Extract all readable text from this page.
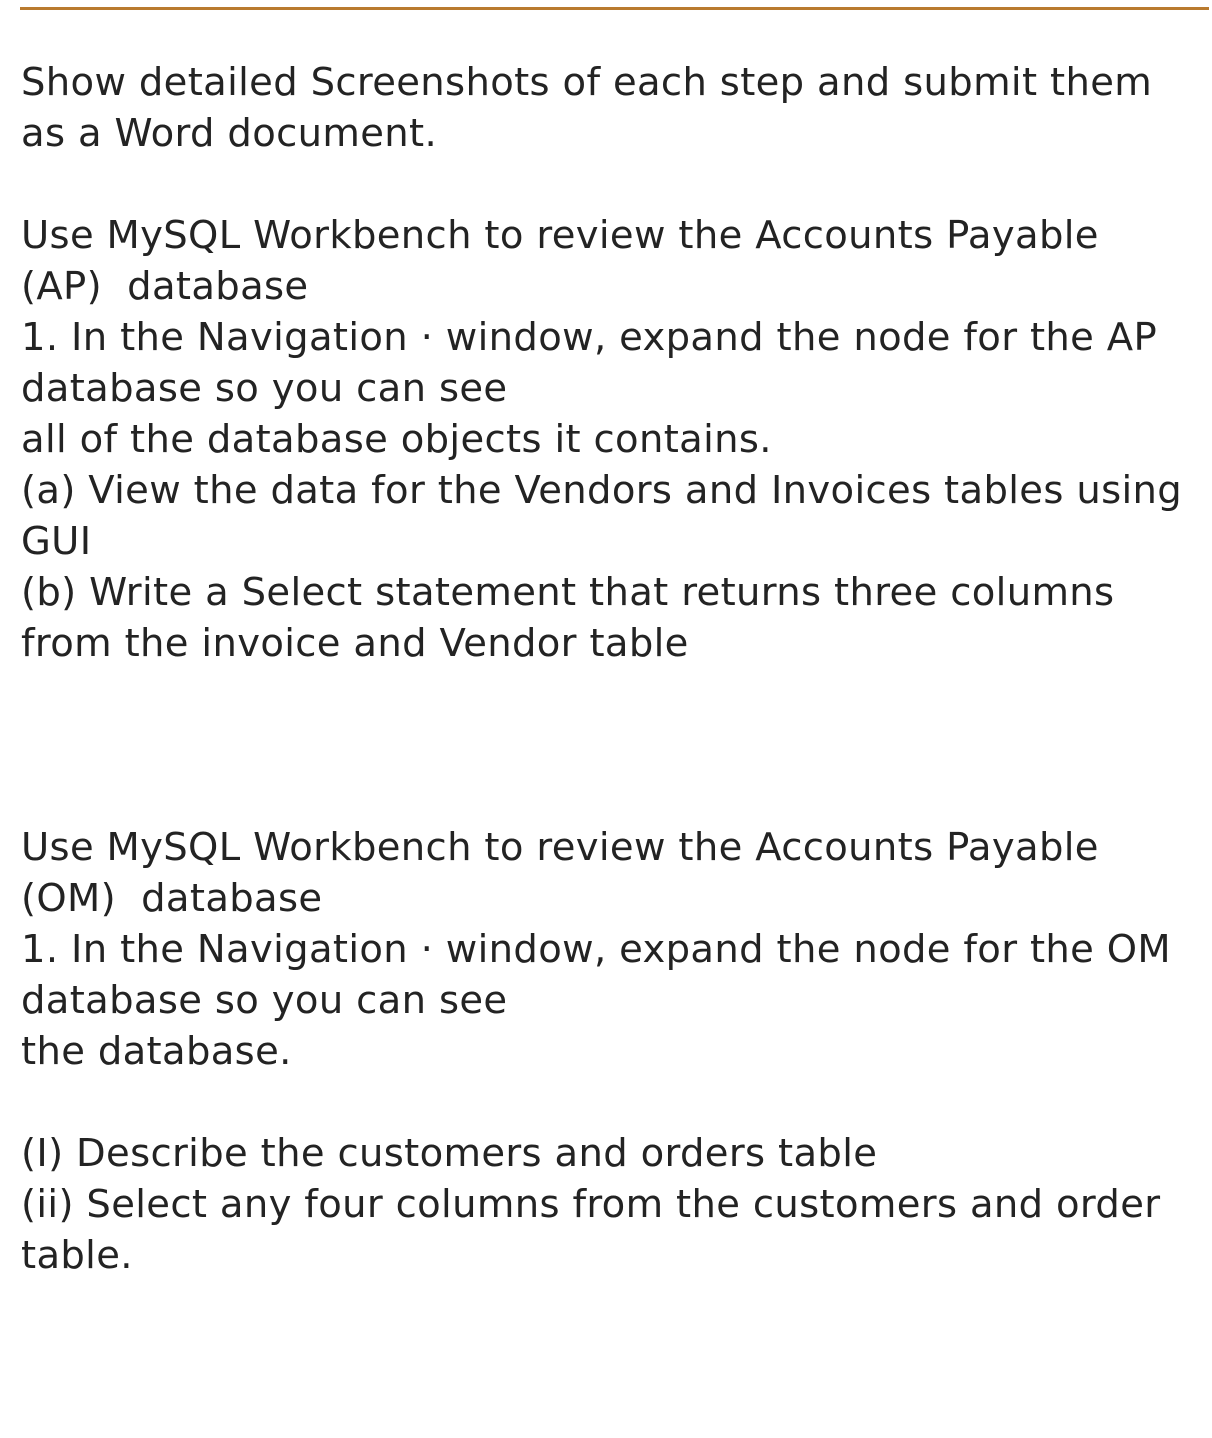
Show detailed Screenshots of each step and submit them
as a Word document.
Use MySQL Workbench to review the Accounts Payable
(AP)  database
1. In the Navigation · window, expand the node for the AP
database so you can see
all of the database objects it contains.
(a) View the data for the Vendors and Invoices tables using
GUI
(b) Write a Select statement that returns three columns
from the invoice and Vendor table
Use MySQL Workbench to review the Accounts Payable
(OM)  database
1. In the Navigation · window, expand the node for the OM
database so you can see
the database.
(I) Describe the customers and orders table
(ii) Select any four columns from the customers and order
table.
